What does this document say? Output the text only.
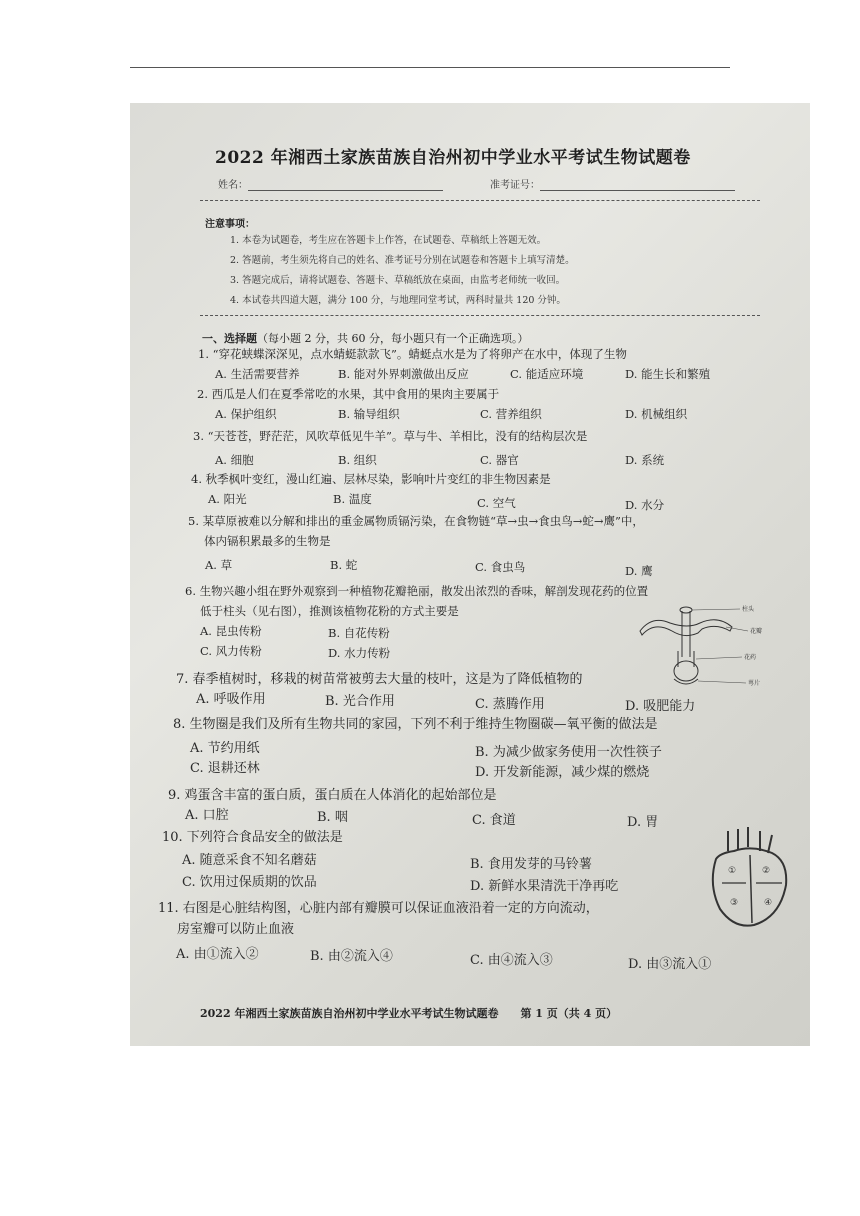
2022 年湘西土家族苗族自治州初中学业水平考试生物试题卷
姓名：	准考证号：
注意事项：
1. 本卷为试题卷，考生应在答题卡上作答，在试题卷、草稿纸上答题无效。
2. 答题前，考生须先将自己的姓名、准考证号分别在试题卷和答题卡上填写清楚。
3. 答题完成后，请将试题卷、答题卡、草稿纸放在桌面，由监考老师统一收回。
4. 本试卷共四道大题，满分 100 分，与地理同堂考试，两科时量共 120 分钟。
一、选择题（每小题 2 分，共 60 分，每小题只有一个正确选项。）
1. “穿花蛱蝶深深见，点水蜻蜓款款飞”。蜻蜓点水是为了将卵产在水中，体现了生物
A. 生活需要营养	B. 能对外界刺激做出反应	C. 能适应环境	D. 能生长和繁殖
2. 西瓜是人们在夏季常吃的水果，其中食用的果肉主要属于
A. 保护组织	B. 输导组织	C. 营养组织	D. 机械组织
3. “天苍苍，野茫茫，风吹草低见牛羊”。草与牛、羊相比，没有的结构层次是
A. 细胞	B. 组织	C. 器官	D. 系统
4. 秋季枫叶变红，漫山红遍、层林尽染，影响叶片变红的非生物因素是
A. 阳光	B. 温度	C. 空气	D. 水分
5. 某草原被难以分解和排出的重金属物质镉污染，在食物链“草→虫→食虫鸟→蛇→鹰”中，
体内镉积累最多的生物是
A. 草	B. 蛇	C. 食虫鸟	D. 鹰
6. 生物兴趣小组在野外观察到一种植物花瓣艳丽，散发出浓烈的香味，解剖发现花药的位置
低于柱头（见右图），推测该植物花粉的方式主要是
A. 昆虫传粉	B. 自花传粉
C. 风力传粉	D. 水力传粉
柱头
花瓣
花药
萼片
7. 春季植树时，移栽的树苗常被剪去大量的枝叶，这是为了降低植物的
A. 呼吸作用	B. 光合作用	C. 蒸腾作用	D. 吸肥能力
8. 生物圈是我们及所有生物共同的家园，下列不利于维持生物圈碳—氧平衡的做法是
A. 节约用纸	B. 为减少做家务使用一次性筷子
C. 退耕还林	D. 开发新能源，减少煤的燃烧
9. 鸡蛋含丰富的蛋白质，蛋白质在人体消化的起始部位是
A. 口腔	B. 咽	C. 食道	D. 胃
10. 下列符合食品安全的做法是
A. 随意采食不知名蘑菇	B. 食用发芽的马铃薯
C. 饮用过保质期的饮品	D. 新鲜水果清洗干净再吃
11. 右图是心脏结构图，心脏内部有瓣膜可以保证血液沿着一定的方向流动，
房室瓣可以防止血液
A. 由①流入②	B. 由②流入④	C. 由④流入③	D. 由③流入①
①	②
③	④
2022 年湘西土家族苗族自治州初中学业水平考试生物试题卷　　第 1 页（共 4 页）
